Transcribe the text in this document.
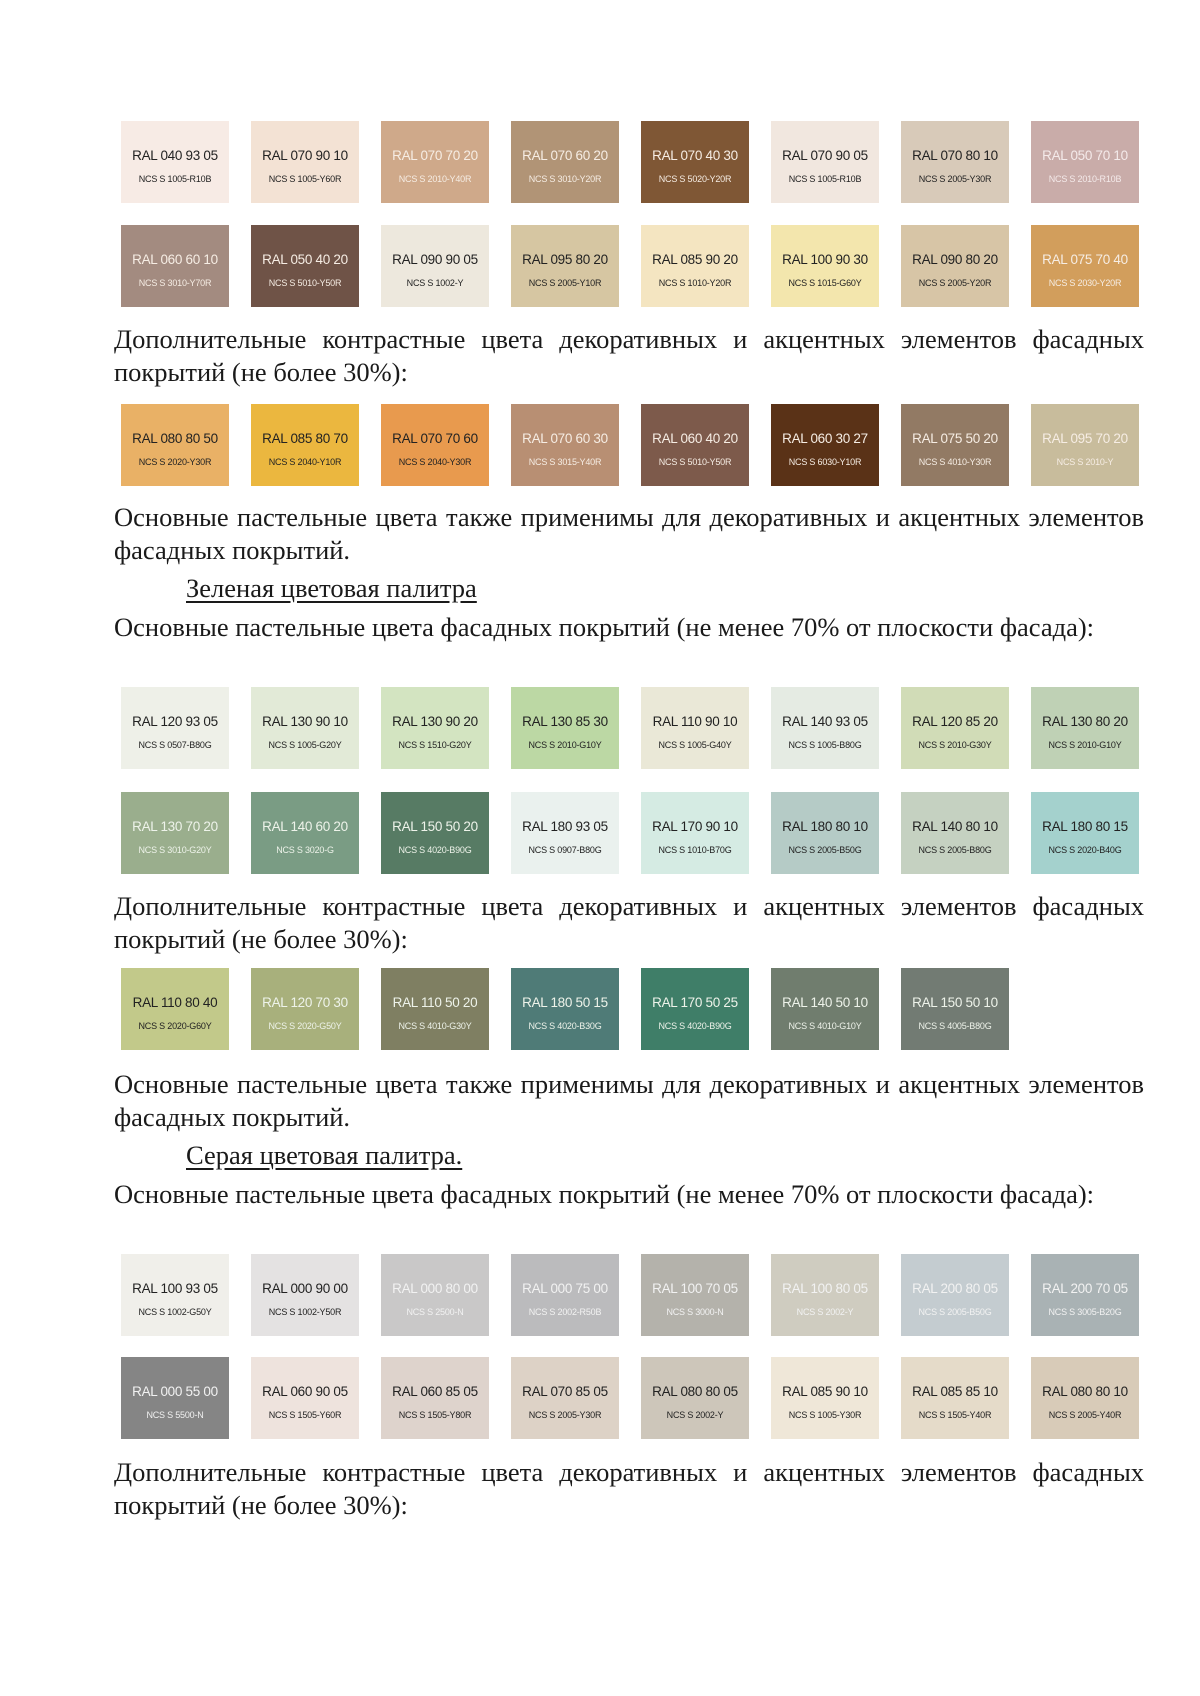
RAL 040 93 05
NCS S 1005-R10B
RAL 070 90 10
NCS S 1005-Y60R
RAL 070 70 20
NCS S 2010-Y40R
RAL 070 60 20
NCS S 3010-Y20R
RAL 070 40 30
NCS S 5020-Y20R
RAL 070 90 05
NCS S 1005-R10B
RAL 070 80 10
NCS S 2005-Y30R
RAL 050 70 10
NCS S 2010-R10B
RAL 060 60 10
NCS S 3010-Y70R
RAL 050 40 20
NCS S 5010-Y50R
RAL 090 90 05
NCS S 1002-Y
RAL 095 80 20
NCS S 2005-Y10R
RAL 085 90 20
NCS S 1010-Y20R
RAL 100 90 30
NCS S 1015-G60Y
RAL 090 80 20
NCS S 2005-Y20R
RAL 075 70 40
NCS S 2030-Y20R

Дополнительные контрастные цвета декоративных и акцентных элементов фасадных покрытий (не более 30%):

RAL 080 80 50
NCS S 2020-Y30R
RAL 085 80 70
NCS S 2040-Y10R
RAL 070 70 60
NCS S 2040-Y30R
RAL 070 60 30
NCS S 3015-Y40R
RAL 060 40 20
NCS S 5010-Y50R
RAL 060 30 27
NCS S 6030-Y10R
RAL 075 50 20
NCS S 4010-Y30R
RAL 095 70 20
NCS S 2010-Y

Основные пастельные цвета также применимы для декоративных и акцентных элементов фасадных покрытий.

Зеленая цветовая палитра

Основные пастельные цвета фасадных покрытий (не менее 70% от плоскости фасада):

RAL 120 93 05
NCS S 0507-B80G
RAL 130 90 10
NCS S 1005-G20Y
RAL 130 90 20
NCS S 1510-G20Y
RAL 130 85 30
NCS S 2010-G10Y
RAL 110 90 10
NCS S 1005-G40Y
RAL 140 93 05
NCS S 1005-B80G
RAL 120 85 20
NCS S 2010-G30Y
RAL 130 80 20
NCS S 2010-G10Y
RAL 130 70 20
NCS S 3010-G20Y
RAL 140 60 20
NCS S 3020-G
RAL 150 50 20
NCS S 4020-B90G
RAL 180 93 05
NCS S 0907-B80G
RAL 170 90 10
NCS S 1010-B70G
RAL 180 80 10
NCS S 2005-B50G
RAL 140 80 10
NCS S 2005-B80G
RAL 180 80 15
NCS S 2020-B40G

Дополнительные контрастные цвета декоративных и акцентных элементов фасадных покрытий (не более 30%):

RAL 110 80 40
NCS S 2020-G60Y
RAL 120 70 30
NCS S 2020-G50Y
RAL 110 50 20
NCS S 4010-G30Y
RAL 180 50 15
NCS S 4020-B30G
RAL 170 50 25
NCS S 4020-B90G
RAL 140 50 10
NCS S 4010-G10Y
RAL 150 50 10
NCS S 4005-B80G

Основные пастельные цвета также применимы для декоративных и акцентных элементов фасадных покрытий.

Серая цветовая палитра.

Основные пастельные цвета фасадных покрытий (не менее 70% от плоскости фасада):

RAL 100 93 05
NCS S 1002-G50Y
RAL 000 90 00
NCS S 1002-Y50R
RAL 000 80 00
NCS S 2500-N
RAL 000 75 00
NCS S 2002-R50B
RAL 100 70 05
NCS S 3000-N
RAL 100 80 05
NCS S 2002-Y
RAL 200 80 05
NCS S 2005-B50G
RAL 200 70 05
NCS S 3005-B20G
RAL 000 55 00
NCS S 5500-N
RAL 060 90 05
NCS S 1505-Y60R
RAL 060 85 05
NCS S 1505-Y80R
RAL 070 85 05
NCS S 2005-Y30R
RAL 080 80 05
NCS S 2002-Y
RAL 085 90 10
NCS S 1005-Y30R
RAL 085 85 10
NCS S 1505-Y40R
RAL 080 80 10
NCS S 2005-Y40R

Дополнительные контрастные цвета декоративных и акцентных элементов фасадных покрытий (не более 30%):
